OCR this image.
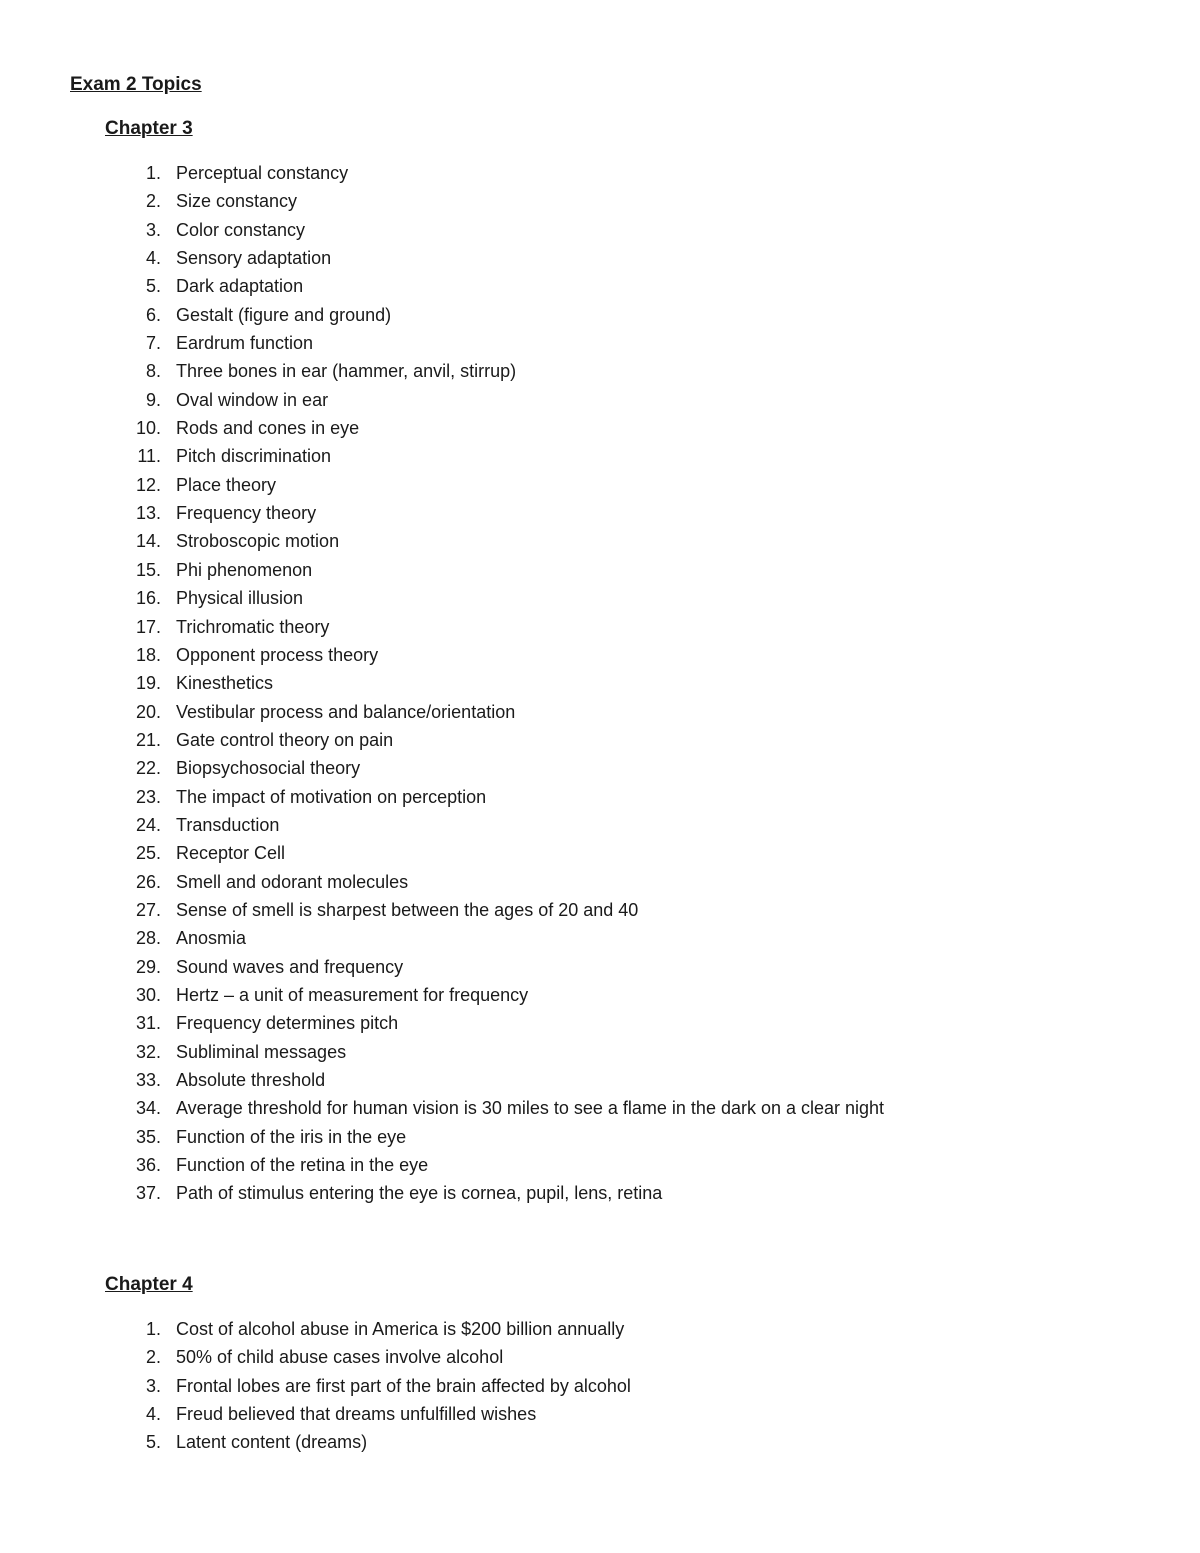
Exam 2 Topics
Chapter 3
1. Perceptual constancy
2. Size constancy
3. Color constancy
4. Sensory adaptation
5. Dark adaptation
6. Gestalt (figure and ground)
7. Eardrum function
8. Three bones in ear (hammer, anvil, stirrup)
9. Oval window in ear
10. Rods and cones in eye
11. Pitch discrimination
12. Place theory
13. Frequency theory
14. Stroboscopic motion
15. Phi phenomenon
16. Physical illusion
17. Trichromatic theory
18. Opponent process theory
19. Kinesthetics
20. Vestibular process and balance/orientation
21. Gate control theory on pain
22. Biopsychosocial theory
23. The impact of motivation on perception
24. Transduction
25. Receptor Cell
26. Smell and odorant molecules
27. Sense of smell is sharpest between the ages of 20 and 40
28. Anosmia
29. Sound waves and frequency
30. Hertz – a unit of measurement for frequency
31. Frequency determines pitch
32. Subliminal messages
33. Absolute threshold
34. Average threshold for human vision is 30 miles to see a flame in the dark on a clear night
35. Function of the iris in the eye
36. Function of the retina in the eye
37. Path of stimulus entering the eye is cornea, pupil, lens, retina
Chapter 4
1. Cost of alcohol abuse in America is $200 billion annually
2. 50% of child abuse cases involve alcohol
3. Frontal lobes are first part of the brain affected by alcohol
4. Freud believed that dreams unfulfilled wishes
5. Latent content (dreams)
